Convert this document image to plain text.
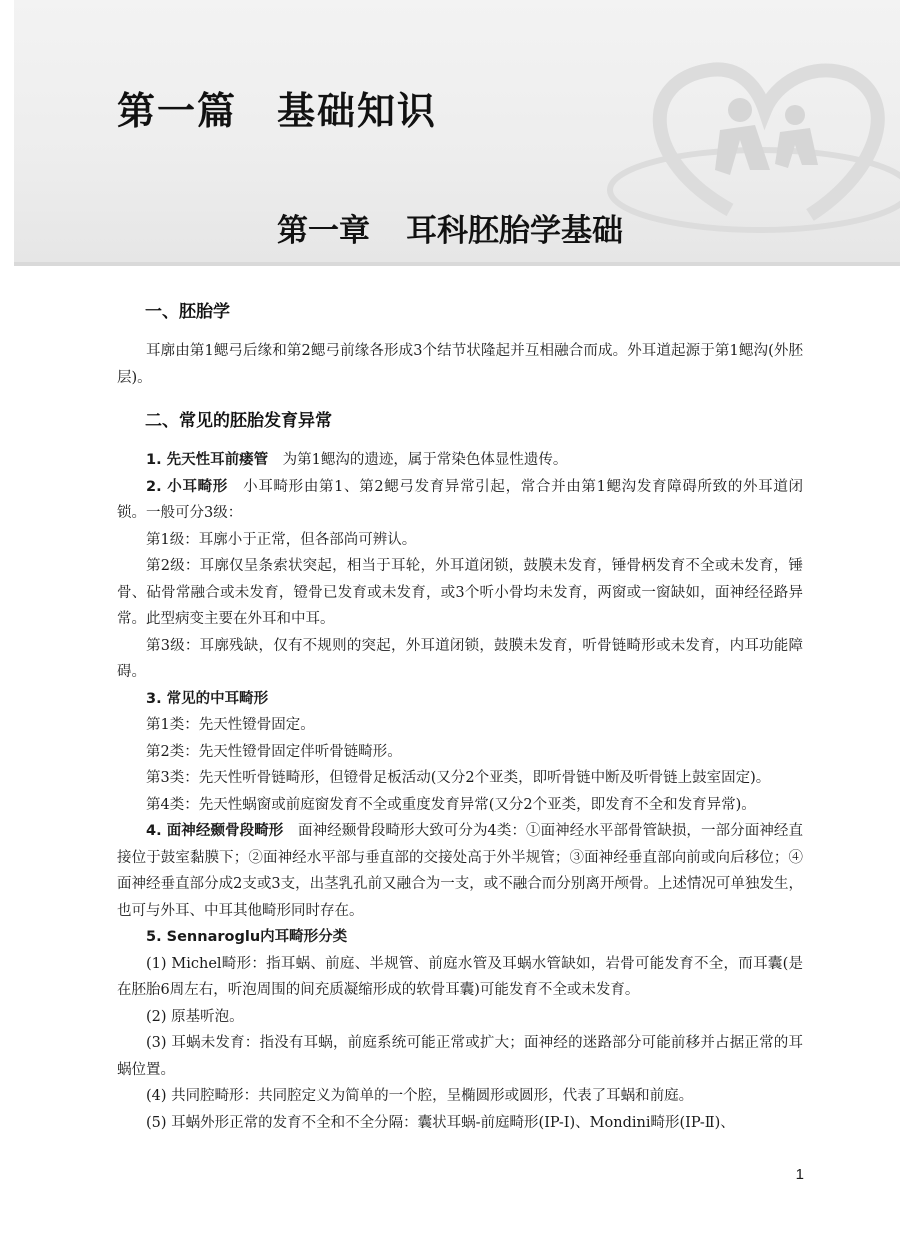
第一篇 基础知识
第一章 耳科胚胎学基础
一、胚胎学

耳廓由第1鳃弓后缘和第2鳃弓前缘各形成3个结节状隆起并互相融合而成。外耳道起源于第1鳃沟(外胚层)。

二、常见的胚胎发育异常

1. 先天性耳前瘘管　 为第1鳃沟的遗迹，属于常染色体显性遗传。

2. 小耳畸形　 小耳畸形由第1、第2鳃弓发育异常引起，常合并由第1鳃沟发育障碍所致的外耳道闭锁。一般可分3级：

第1级：耳廓小于正常，但各部尚可辨认。

第2级：耳廓仅呈条索状突起，相当于耳轮，外耳道闭锁，鼓膜未发育，锤骨柄发育不全或未发育，锤骨、砧骨常融合或未发育，镫骨已发育或未发育，或3个听小骨均未发育，两窗或一窗缺如，面神经径路异常。此型病变主要在外耳和中耳。

第3级：耳廓残缺，仅有不规则的突起，外耳道闭锁，鼓膜未发育，听骨链畸形或未发育，内耳功能障碍。

3. 常见的中耳畸形

第1类：先天性镫骨固定。

第2类：先天性镫骨固定伴听骨链畸形。

第3类：先天性听骨链畸形，但镫骨足板活动(又分2个亚类，即听骨链中断及听骨链上鼓室固定)。

第4类：先天性蜗窗或前庭窗发育不全或重度发育异常(又分2个亚类，即发育不全和发育异常)。

4. 面神经颞骨段畸形　 面神经颞骨段畸形大致可分为4类：①面神经水平部骨管缺损，一部分面神经直接位于鼓室黏膜下；②面神经水平部与垂直部的交接处高于外半规管；③面神经垂直部向前或向后移位；④面神经垂直部分成2支或3支，出茎乳孔前又融合为一支，或不融合而分别离开颅骨。上述情况可单独发生，也可与外耳、中耳其他畸形同时存在。

5. Sennaroglu内耳畸形分类

(1) Michel畸形：指耳蜗、前庭、半规管、前庭水管及耳蜗水管缺如，岩骨可能发育不全，而耳囊(是在胚胎6周左右，听泡周围的间充质凝缩形成的软骨耳囊)可能发育不全或未发育。

(2) 原基听泡。

(3) 耳蜗未发育：指没有耳蜗，前庭系统可能正常或扩大；面神经的迷路部分可能前移并占据正常的耳蜗位置。

(4) 共同腔畸形：共同腔定义为简单的一个腔，呈椭圆形或圆形，代表了耳蜗和前庭。

(5) 耳蜗外形正常的发育不全和不全分隔：囊状耳蜗-前庭畸形(IP-Ⅰ)、Mondini畸形(IP-Ⅱ)、

1
